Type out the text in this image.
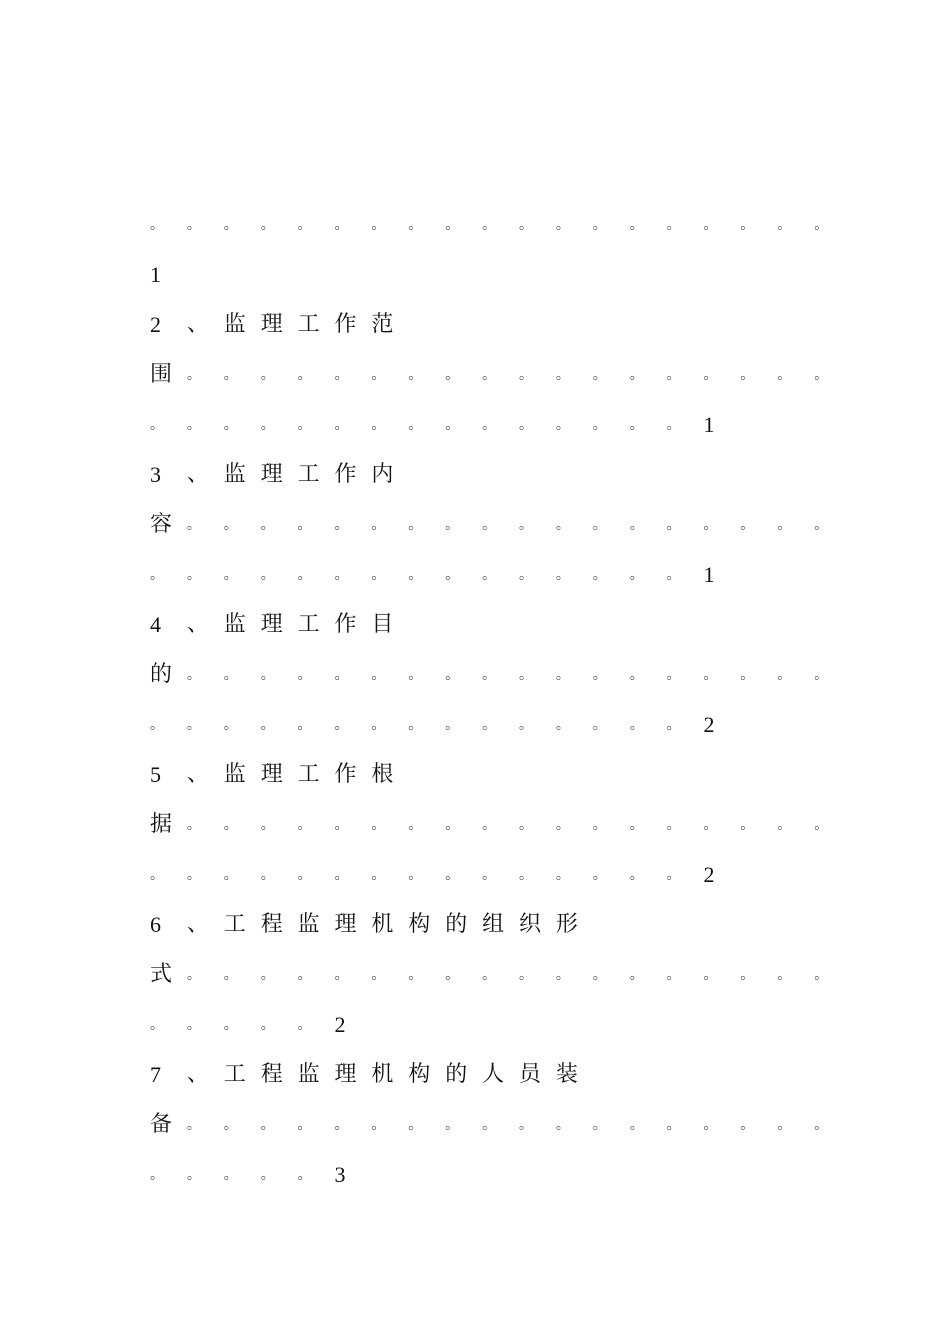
。 。 。 。 。 。 。 。 。 。 。 。 。 。 。 。 。 。 。
1
2 、 监 理 工 作 范
围 。 。 。 。 。 。 。 。 。 。 。 。 。 。 。 。 。 。
。 。 。 。 。 。 。 。 。 。 。 。 。 。 。 1
3 、 监 理 工 作 内
容 。 。 。 。 。 。 。 。 。 。 。 。 。 。 。 。 。 。
。 。 。 。 。 。 。 。 。 。 。 。 。 。 。 1
4 、 监 理 工 作 目
的 。 。 。 。 。 。 。 。 。 。 。 。 。 。 。 。 。 。
。 。 。 。 。 。 。 。 。 。 。 。 。 。 。 2
5 、 监 理 工 作 根
据 。 。 。 。 。 。 。 。 。 。 。 。 。 。 。 。 。 。
。 。 。 。 。 。 。 。 。 。 。 。 。 。 。 2
6 、 工 程 监 理 机 构 的 组 织 形
式 。 。 。 。 。 。 。 。 。 。 。 。 。 。 。 。 。 。
。 。 。 。 。 2
7 、 工 程 监 理 机 构 的 人 员 装
备 。 。 。 。 。 。 。 。 。 。 。 。 。 。 。 。 。 。
。 。 。 。 。 3
